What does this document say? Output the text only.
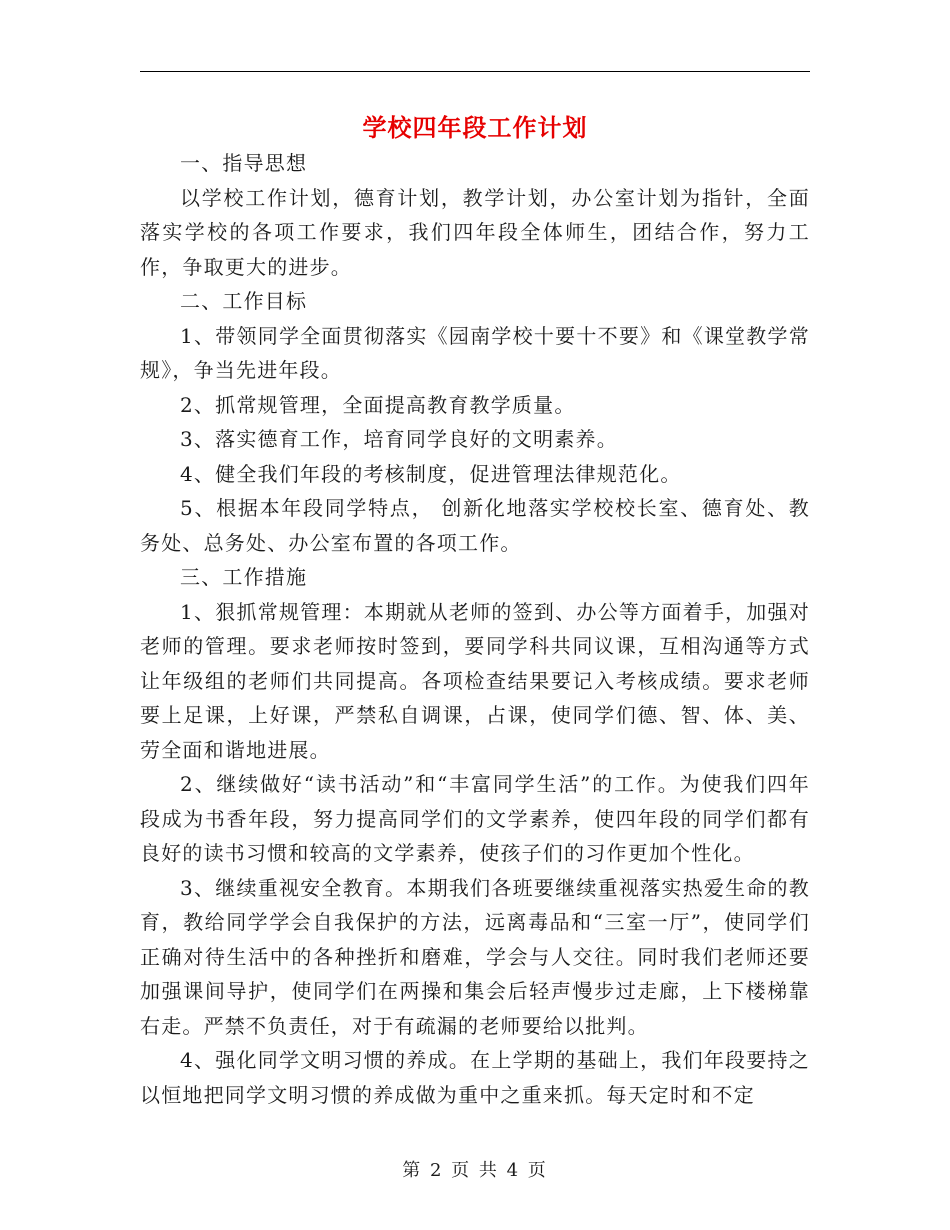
学校四年段工作计划

一、指导思想

以学校工作计划，德育计划，教学计划，办公室计划为指针，全面落实学校的各项工作要求，我们四年段全体师生，团结合作，努力工作，争取更大的进步。

二、工作目标

1、带领同学全面贯彻落实《园南学校十要十不要》和《课堂教学常规》，争当先进年段。

2、抓常规管理，全面提高教育教学质量。

3、落实德育工作，培育同学良好的文明素养。

4、健全我们年段的考核制度，促进管理法律规范化。

5、根据本年段同学特点， 创新化地落实学校校长室、德育处、教务处、总务处、办公室布置的各项工作。

三、工作措施

1、狠抓常规管理：本期就从老师的签到、办公等方面着手，加强对老师的管理。要求老师按时签到，要同学科共同议课，互相沟通等方式让年级组的老师们共同提高。各项检查结果要记入考核成绩。要求老师要上足课，上好课，严禁私自调课，占课，使同学们德、智、体、美、劳全面和谐地进展。

2、继续做好“读书活动”和“丰富同学生活”的工作。为使我们四年段成为书香年段，努力提高同学们的文学素养，使四年段的同学们都有良好的读书习惯和较高的文学素养，使孩子们的习作更加个性化。

3、继续重视安全教育。本期我们各班要继续重视落实热爱生命的教育，教给同学学会自我保护的方法，远离毒品和“三室一厅”，使同学们正确对待生活中的各种挫折和磨难，学会与人交往。同时我们老师还要加强课间导护，使同学们在两操和集会后轻声慢步过走廊，上下楼梯靠右走。严禁不负责任，对于有疏漏的老师要给以批判。

4、强化同学文明习惯的养成。在上学期的基础上，我们年段要持之以恒地把同学文明习惯的养成做为重中之重来抓。每天定时和不定

第 2 页 共 4 页
